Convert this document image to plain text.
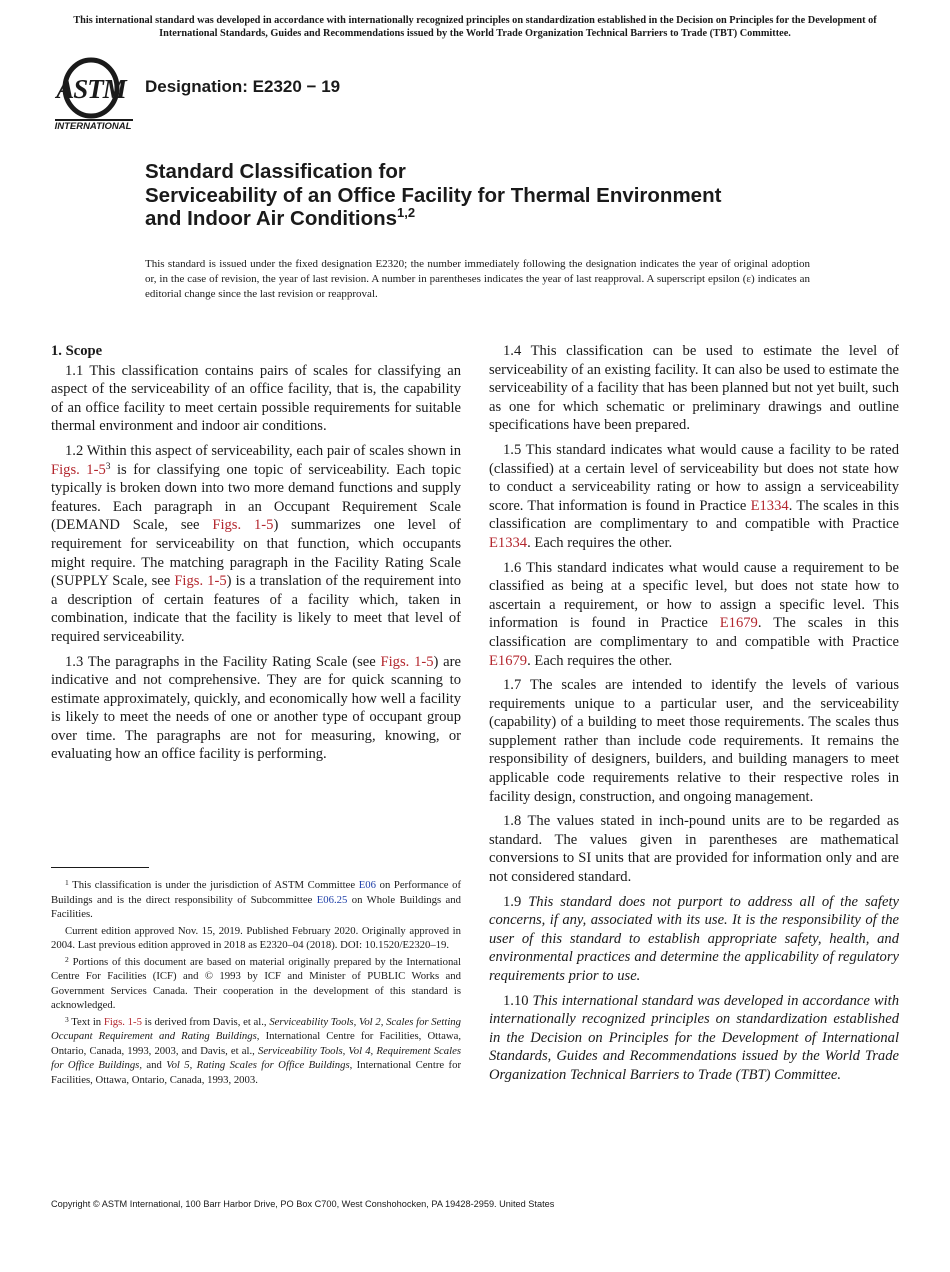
This international standard was developed in accordance with internationally recognized principles on standardization established in the Decision on Principles for the Development of International Standards, Guides and Recommendations issued by the World Trade Organization Technical Barriers to Trade (TBT) Committee.
ASTM
INTERNATIONAL
Designation: E2320 − 19
Standard Classification for
Serviceability of an Office Facility for Thermal Environment
and Indoor Air Conditions$^{1,2}$
This standard is issued under the fixed designation E2320; the number immediately following the designation indicates the year of original adoption or, in the case of revision, the year of last revision. A number in parentheses indicates the year of last reapproval. A superscript epsilon (ε) indicates an editorial change since the last revision or reapproval.
1. Scope

1.1 This classification contains pairs of scales for classifying an aspect of the serviceability of an office facility, that is, the capability of an office facility to meet certain possible requirements for suitable thermal environment and indoor air conditions.

1.2 Within this aspect of serviceability, each pair of scales shown in Figs. $1-5^3$ is for classifying one topic of serviceability. Each topic typically is broken down into two more demand functions and supply features. Each paragraph in an Occupant Requirement Scale (DEMAND Scale, see Figs. 1-5) summarizes one level of requirement for serviceability on that function, which occupants might require. The matching paragraph in the Facility Rating Scale (SUPPLY Scale, see Figs. 1-5) is a translation of the requirement into a description of certain features of a facility which, taken in combination, indicate that the facility is likely to meet that level of required serviceability.

1.3 The paragraphs in the Facility Rating Scale (see Figs. 1-5) are indicative and not comprehensive. They are for quick scanning to estimate approximately, quickly, and economically how well a facility is likely to meet the needs of one or another type of occupant group over time. The paragraphs are not for measuring, knowing, or evaluating how an office facility is performing.

1.4 This classification can be used to estimate the level of serviceability of an existing facility. It can also be used to estimate the serviceability of a facility that has been planned but not yet built, such as one for which schematic or preliminary drawings and outline specifications have been prepared.

1.5 This standard indicates what would cause a facility to be rated (classified) at a certain level of serviceability but does not state how to conduct a serviceability rating or how to assign a serviceability score. That information is found in Practice E1334. The scales in this classification are complimentary to and compatible with Practice E1334. Each requires the other.

1.6 This standard indicates what would cause a requirement to be classified as being at a specific level, but does not state how to ascertain a requirement, or how to assign a specific level. This information is found in Practice E1679. The scales in this classification are complimentary to and compatible with Practice E1679. Each requires the other.

1.7 The scales are intended to identify the levels of various requirements unique to a particular user, and the serviceability (capability) of a building to meet those requirements. The scales thus supplement rather than include code requirements. It remains the responsibility of designers, builders, and building managers to meet applicable code requirements relative to their respective roles in facility design, construction, and ongoing management.

1.8 The values stated in inch-pound units are to be regarded as standard. The values given in parentheses are mathematical conversions to SI units that are provided for information only and are not considered standard.

1.9 This standard does not purport to address all of the safety concerns, if any, associated with its use. It is the responsibility of the user of this standard to establish appropriate safety, health, and environmental practices and determine the applicability of regulatory requirements prior to use.

1.10 This international standard was developed in accordance with internationally recognized principles on standardization established in the Decision on Principles for the Development of International Standards, Guides and Recommendations issued by the World Trade Organization Technical Barriers to Trade (TBT) Committee.

$^1$ This classification is under the jurisdiction of ASTM Committee E06 on Performance of Buildings and is the direct responsibility of Subcommittee E06.25 on Whole Buildings and Facilities.

Current edition approved Nov. 15, 2019. Published February 2020. Originally approved in 2004. Last previous edition approved in 2018 as E2320–04 (2018). DOI: 10.1520/E2320–19.

$^2$ Portions of this document are based on material originally prepared by the International Centre For Facilities (ICF) and © 1993 by ICF and Minister of PUBLIC Works and Government Services Canada. Their cooperation in the development of this standard is acknowledged.

$^3$ Text in Figs. 1-5 is derived from Davis, et al., Serviceability Tools, Vol 2, Scales for Setting Occupant Requirement and Rating Buildings, International Centre for Facilities, Ottawa, Ontario, Canada, 1993, 2003, and Davis, et al., Serviceability Tools, Vol 4, Requirement Scales for Office Buildings, and Vol 5, Rating Scales for Office Buildings, International Centre for Facilities, Ottawa, Ontario, Canada, 1993, 2003.

Copyright © ASTM International, 100 Barr Harbor Drive, PO Box C700, West Conshohocken, PA 19428-2959. United States
